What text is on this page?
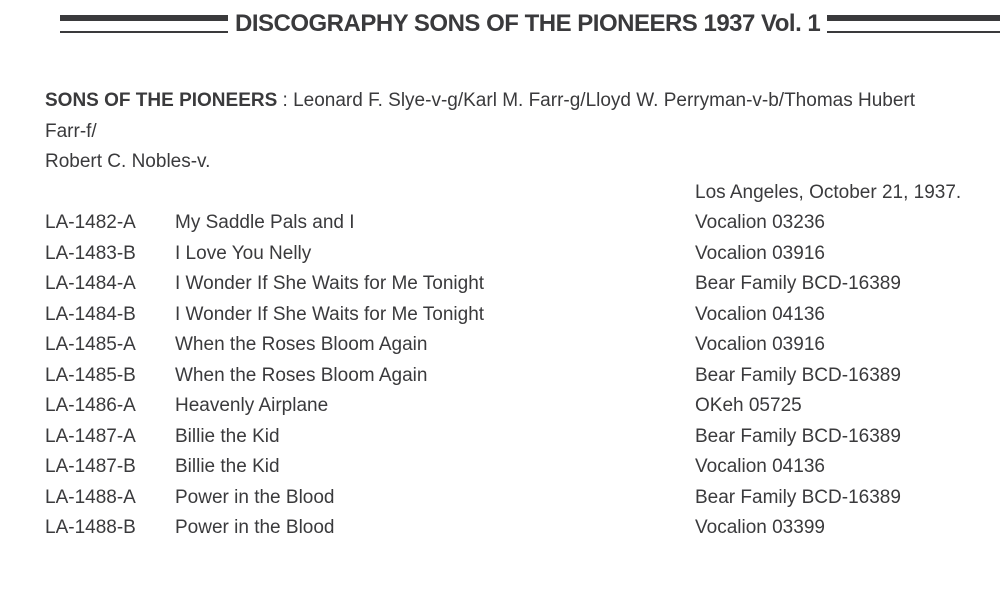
DISCOGRAPHY SONS OF THE PIONEERS 1937 Vol. 1
SONS OF THE PIONEERS : Leonard F. Slye-v-g/Karl M. Farr-g/Lloyd W. Perryman-v-b/Thomas Hubert Farr-f/
Robert C. Nobles-v.
Los Angeles, October 21, 1937.
LA-1482-A	My Saddle Pals and I	Vocalion 03236
LA-1483-B	I Love You Nelly	Vocalion 03916
LA-1484-A	I Wonder If She Waits for Me Tonight	Bear Family BCD-16389
LA-1484-B	I Wonder If She Waits for Me Tonight	Vocalion 04136
LA-1485-A	When the Roses Bloom Again	Vocalion 03916
LA-1485-B	When the Roses Bloom Again	Bear Family BCD-16389
LA-1486-A	Heavenly Airplane	OKeh 05725
LA-1487-A	Billie the Kid	Bear Family BCD-16389
LA-1487-B	Billie the Kid	Vocalion 04136
LA-1488-A	Power in the Blood	Bear Family BCD-16389
LA-1488-B	Power in the Blood	Vocalion 03399
